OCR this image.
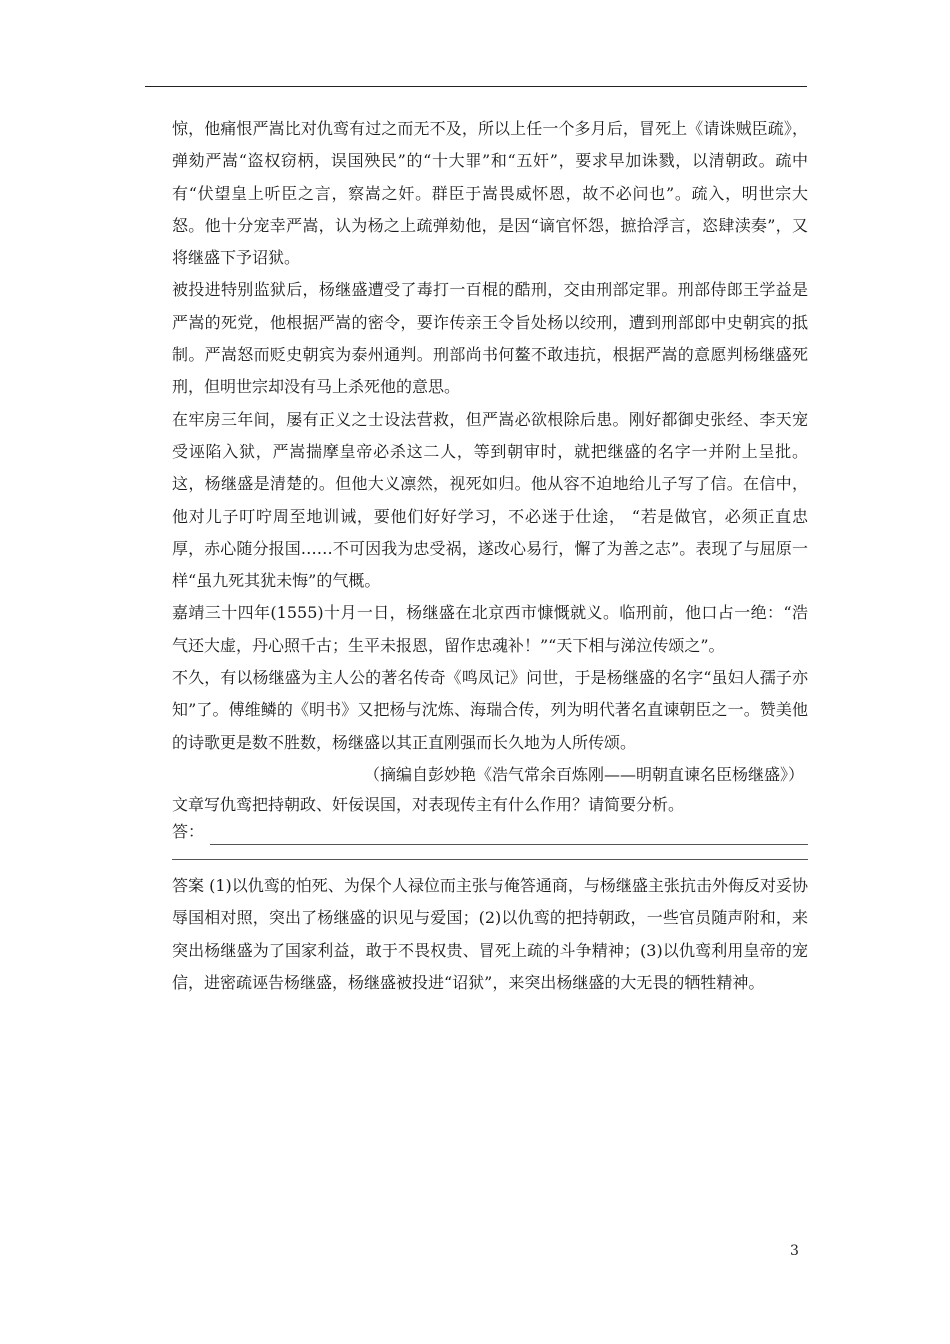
惊，他痛恨严嵩比对仇鸾有过之而无不及，所以上任一个多月后，冒死上《请诛贼臣疏》，弹劾严嵩“盗权窃柄，误国殃民”的“十大罪”和“五奸”，要求早加诛戮，以清朝政。疏中有“伏望皇上听臣之言，察嵩之奸。群臣于嵩畏威怀恩，故不必问也”。疏入，明世宗大怒。他十分宠幸严嵩，认为杨之上疏弹劾他，是因“谪官怀怨，摭拾浮言，恣肆渎奏”，又将继盛下予诏狱。

被投进特别监狱后，杨继盛遭受了毒打一百棍的酷刑，交由刑部定罪。刑部侍郎王学益是严嵩的死党，他根据严嵩的密令，要诈传亲王令旨处杨以绞刑，遭到刑部郎中史朝宾的抵制。严嵩怒而贬史朝宾为泰州通判。刑部尚书何鳌不敢违抗，根据严嵩的意愿判杨继盛死刑，但明世宗却没有马上杀死他的意思。

在牢房三年间，屡有正义之士设法营救，但严嵩必欲根除后患。刚好都御史张经、李天宠受诬陷入狱，严嵩揣摩皇帝必杀这二人，等到朝审时，就把继盛的名字一并附上呈批。这，杨继盛是清楚的。但他大义凛然，视死如归。他从容不迫地给儿子写了信。在信中，他对儿子叮咛周至地训诫，要他们好好学习，不必迷于仕途， “若是做官，必须正直忠厚，赤心随分报国……不可因我为忠受祸，遂改心易行，懈了为善之志”。表现了与屈原一样“虽九死其犹未悔”的气概。

嘉靖三十四年(1555)十月一日，杨继盛在北京西市慷慨就义。临刑前，他口占一绝：“浩气还大虚，丹心照千古；生平未报恩，留作忠魂补！”“天下相与涕泣传颂之”。

不久，有以杨继盛为主人公的著名传奇《鸣凤记》问世，于是杨继盛的名字“虽妇人孺子亦知”了。傅维鳞的《明书》又把杨与沈炼、海瑞合传，列为明代著名直谏朝臣之一。赞美他的诗歌更是数不胜数，杨继盛以其正直刚强而长久地为人所传颂。

（摘编自彭妙艳《浩气常余百炼刚——明朝直谏名臣杨继盛》）

文章写仇鸾把持朝政、奸佞误国，对表现传主有什么作用？请简要分析。

答：

答案 (1)以仇鸾的怕死、为保个人禄位而主张与俺答通商，与杨继盛主张抗击外侮反对妥协辱国相对照，突出了杨继盛的识见与爱国；(2)以仇鸾的把持朝政，一些官员随声附和，来突出杨继盛为了国家利益，敢于不畏权贵、冒死上疏的斗争精神；(3)以仇鸾利用皇帝的宠信，进密疏诬告杨继盛，杨继盛被投进“诏狱”，来突出杨继盛的大无畏的牺牲精神。

3
